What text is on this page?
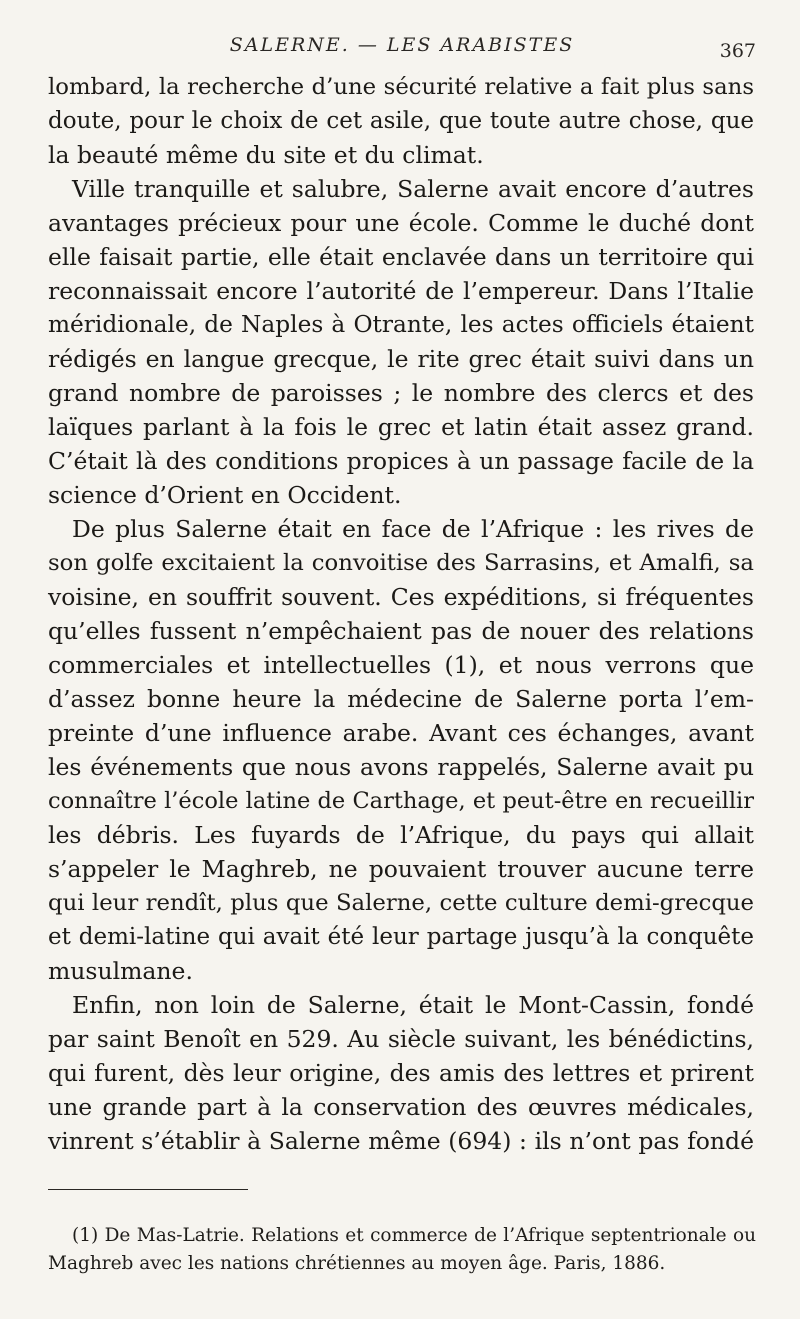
SALERNE. — LES ARABISTES	367
lombard, la recherche d’une sécurité relative a fait plus sans
doute, pour le choix de cet asile, que toute autre chose, que
la beauté même du site et du climat.
Ville tranquille et salubre, Salerne avait encore d’autres
avantages précieux pour une école. Comme le duché dont
elle faisait partie, elle était enclavée dans un territoire qui
reconnaissait encore l’autorité de l’empereur. Dans l’Italie
méridionale, de Naples à Otrante, les actes officiels étaient
rédigés en langue grecque, le rite grec était suivi dans un
grand nombre de paroisses ; le nombre des clercs et des
laïques parlant à la fois le grec et latin était assez grand.
C’était là des conditions propices à un passage facile de la
science d’Orient en Occident.
De plus Salerne était en face de l’Afrique : les rives de
son golfe excitaient la convoitise des Sarrasins, et Amalfi, sa
voisine, en souffrit souvent. Ces expéditions, si fréquentes
qu’elles fussent n’empêchaient pas de nouer des relations
commerciales et intellectuelles (1), et nous verrons que
d’assez bonne heure la médecine de Salerne porta l’em-
preinte d’une influence arabe. Avant ces échanges, avant
les événements que nous avons rappelés, Salerne avait pu
connaître l’école latine de Carthage, et peut-être en recueillir
les débris. Les fuyards de l’Afrique, du pays qui allait
s’appeler le Maghreb, ne pouvaient trouver aucune terre
qui leur rendît, plus que Salerne, cette culture demi-grecque
et demi-latine qui avait été leur partage jusqu’à la conquête
musulmane.
Enfin, non loin de Salerne, était le Mont-Cassin, fondé
par saint Benoît en 529. Au siècle suivant, les bénédictins,
qui furent, dès leur origine, des amis des lettres et prirent
une grande part à la conservation des œuvres médicales,
vinrent s’établir à Salerne même (694) : ils n’ont pas fondé
(1) De Mas-Latrie. Relations et commerce de l’Afrique septentrionale ou
Maghreb avec les nations chrétiennes au moyen âge. Paris, 1886.
